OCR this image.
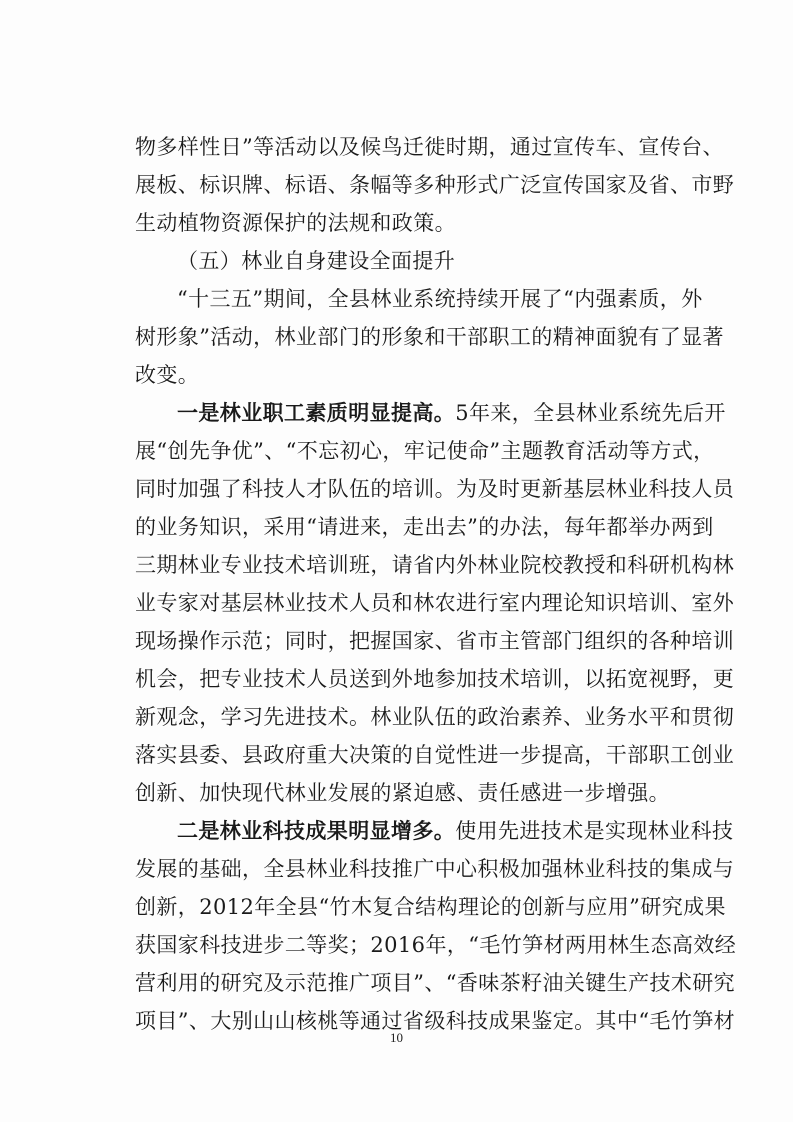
物多样性日”等活动以及候鸟迁徙时期，通过宣传车、宣传台、
展板、标识牌、标语、条幅等多种形式广泛宣传国家及省、市野
生动植物资源保护的法规和政策。
（五）林业自身建设全面提升
“十三五”期间，全县林业系统持续开展了“内强素质，外
树形象”活动，林业部门的形象和干部职工的精神面貌有了显著
改变。
一是林业职工素质明显提高。5年来，全县林业系统先后开
展“创先争优”、“不忘初心，牢记使命”主题教育活动等方式，
同时加强了科技人才队伍的培训。为及时更新基层林业科技人员
的业务知识，采用“请进来，走出去”的办法，每年都举办两到
三期林业专业技术培训班，请省内外林业院校教授和科研机构林
业专家对基层林业技术人员和林农进行室内理论知识培训、室外
现场操作示范；同时，把握国家、省市主管部门组织的各种培训
机会，把专业技术人员送到外地参加技术培训，以拓宽视野，更
新观念，学习先进技术。林业队伍的政治素养、业务水平和贯彻
落实县委、县政府重大决策的自觉性进一步提高，干部职工创业
创新、加快现代林业发展的紧迫感、责任感进一步增强。
二是林业科技成果明显增多。使用先进技术是实现林业科技
发展的基础，全县林业科技推广中心积极加强林业科技的集成与
创新，2012年全县“竹木复合结构理论的创新与应用”研究成果
获国家科技进步二等奖；2016年，“毛竹笋材两用林生态高效经
营利用的研究及示范推广项目”、“香味茶籽油关键生产技术研究
项目”、大别山山核桃等通过省级科技成果鉴定。其中“毛竹笋材
10
